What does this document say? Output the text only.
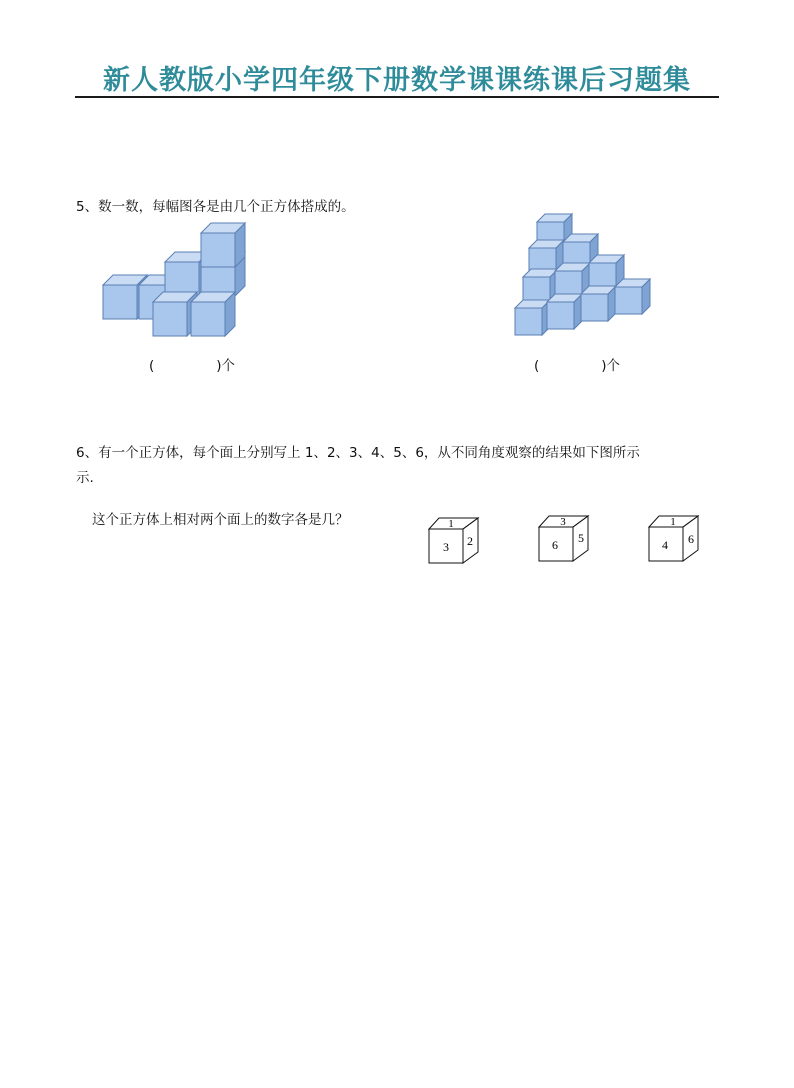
新人教版小学四年级下册数学课课练课后习题集
5、数一数，每幅图各是由几个正方体搭成的。
(	)个	(	)个
6、有一个正方体，每个面上分别写上 1、2、3、4、5、6，从不同角度观察的结果如下图所示
示.
这个正方体上相对两个面上的数字各是几？	1
3 2
3
6 5
1
4 6
